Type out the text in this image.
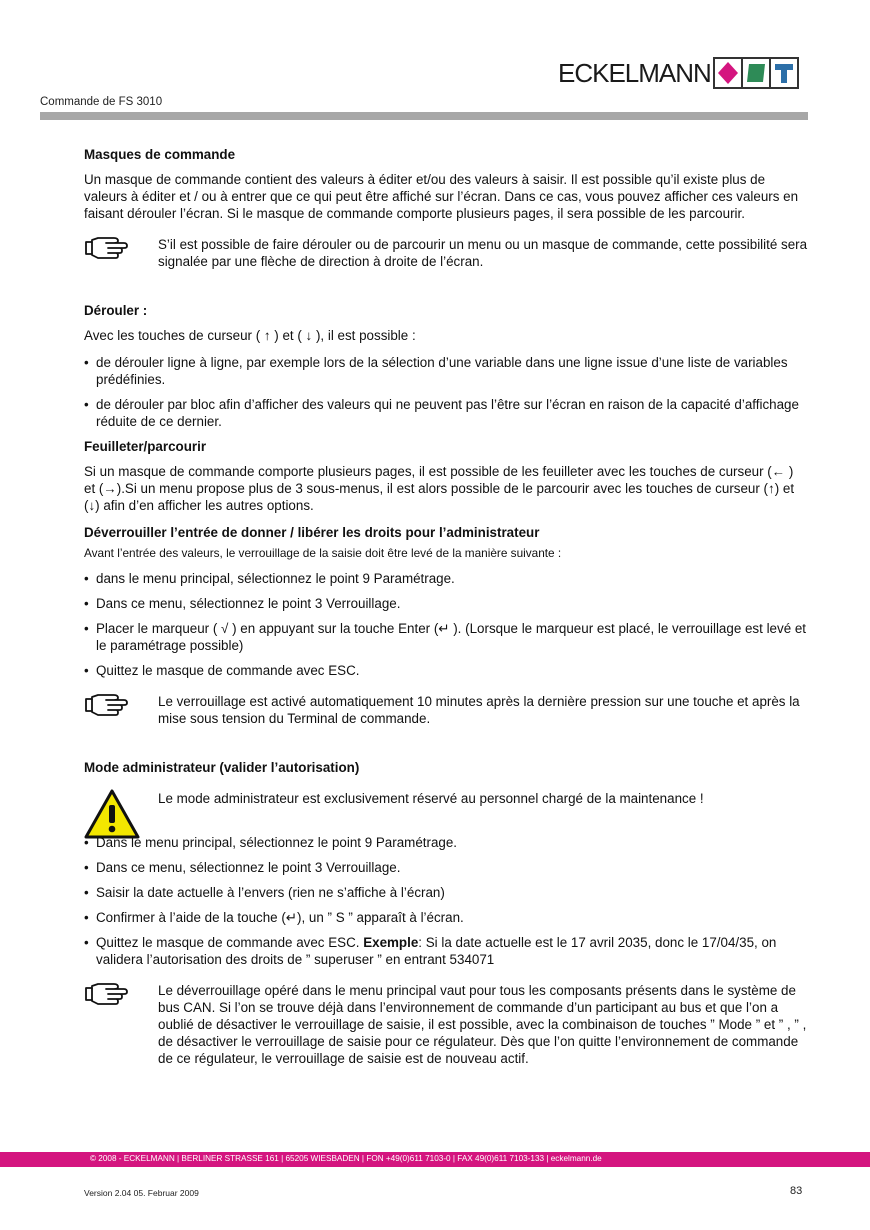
ECKELMANN
Commande de FS 3010
Masques de commande
Un masque de commande contient des valeurs à éditer et/ou des valeurs à saisir. Il est possible qu’il existe plus de valeurs à éditer et / ou à entrer que ce qui peut être affiché sur l’écran. Dans ce cas, vous pouvez afficher ces valeurs en faisant dérouler l’écran. Si le masque de commande comporte plusieurs pages, il sera possible de les parcourir.
S’il est possible de faire dérouler ou de parcourir un menu ou un masque de commande, cette possibilité sera signalée par une flèche de direction à droite de l’écran.
Dérouler :
Avec les touches de curseur ( ↑ ) et ( ↓ ), il est possible :
• de dérouler ligne à ligne, par exemple lors de la sélection d’une variable dans une ligne issue d’une liste de variables prédéfinies.
• de dérouler par bloc afin d’afficher des valeurs qui ne peuvent pas l’être sur l’écran en raison de la capacité d’affichage réduite de ce dernier.
Feuilleter/parcourir
Si un masque de commande comporte plusieurs pages, il est possible de les feuilleter avec les touches de curseur (← ) et (→).Si un menu propose plus de 3 sous-menus, il est alors possible de le parcourir avec les touches de curseur (↑) et (↓) afin d’en afficher les autres options.
Déverrouiller l’entrée de donner / libérer les droits pour l’administrateur
Avant l’entrée des valeurs, le verrouillage de la saisie doit être levé de la manière suivante :
• dans le menu principal, sélectionnez le point 9 Paramétrage.
• Dans ce menu, sélectionnez le point 3 Verrouillage.
• Placer le marqueur ( √ ) en appuyant sur la touche Enter (↵ ). (Lorsque le marqueur est placé, le verrouillage est levé et le paramétrage possible)
• Quittez le masque de commande avec ESC.
Le verrouillage est activé automatiquement 10 minutes après la dernière pression sur une touche et après la mise sous tension du Terminal de commande.
Mode administrateur (valider l’autorisation)
Le mode administrateur est exclusivement réservé au personnel chargé de la maintenance !
• Dans le menu principal, sélectionnez le point 9 Paramétrage.
• Dans ce menu, sélectionnez le point 3 Verrouillage.
• Saisir la date actuelle à l’envers (rien ne s’affiche à l’écran)
• Confirmer à l’aide de la touche (↵), un ” S ” apparaît à l’écran.
• Quittez le masque de commande avec ESC. Exemple: Si la date actuelle est le 17 avril 2035, donc le 17/04/35, on validera l’autorisation des droits de ” superuser ” en entrant 534071
Le déverrouillage opéré dans le menu principal vaut pour tous les composants présents dans le système de bus CAN. Si l’on se trouve déjà dans l’environnement de commande d’un participant au bus et que l’on a oublié de désactiver le verrouillage de saisie, il est possible, avec la combinaison de touches ” Mode ” et ” , ” , de désactiver le verrouillage de saisie pour ce régulateur. Dès que l’on quitte l’environnement de commande de ce régulateur, le verrouillage de saisie est de nouveau actif.
© 2008 - ECKELMANN | BERLINER STRASSE 161 | 65205 WIESBADEN | FON +49(0)611 7103-0 | FAX 49(0)611 7103-133 | eckelmann.de
Version 2.04 05. Februar 2009	83
